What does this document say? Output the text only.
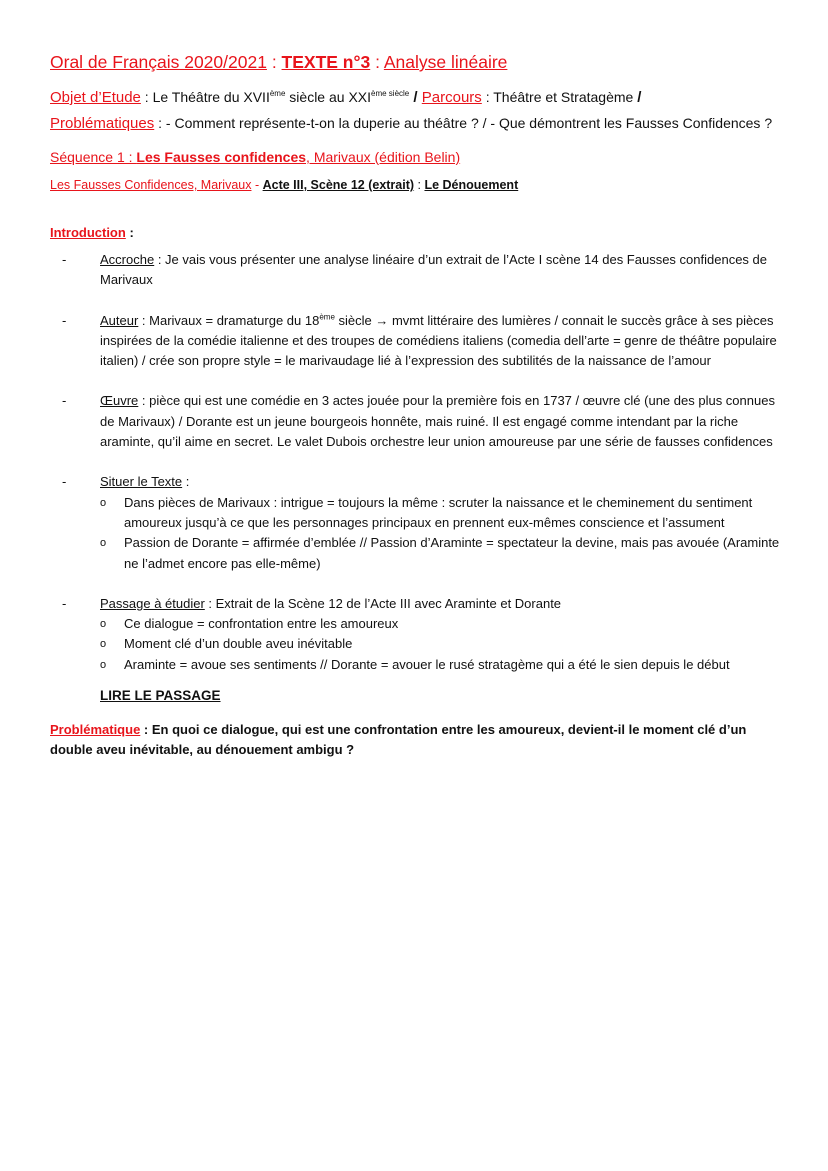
Oral de Français 2020/2021 : TEXTE n°3 : Analyse linéaire
Objet d’Etude : Le Théâtre du XVIIème siècle au $XXI^{ème siècle}$ / Parcours : Théâtre et Stratagème /
Problématiques : - Comment représente-t-on la duperie au théâtre ? / - Que démontrent les Fausses Confidences ?
Séquence 1 : Les Fausses confidences, Marivaux (édition Belin)
Les Fausses Confidences, Marivaux - Acte III, Scène 12 (extrait) : Le Dénouement
Introduction :
- Accroche : Je vais vous présenter une analyse linéaire d’un extrait de l’Acte I scène 14 des Fausses confidences de Marivaux
- Auteur : Marivaux = dramaturge du 18ème siècle → mvmt littéraire des lumières / connait le succès grâce à ses pièces inspirées de la comédie italienne et des troupes de comédiens italiens (comedia dell’arte = genre de théâtre populaire italien) / crée son propre style = le marivaudage lié à l’expression des subtilités de la naissance de l’amour
- Œuvre : pièce qui est une comédie en 3 actes jouée pour la première fois en 1737 / œuvre clé (une des plus connues de Marivaux) / Dorante est un jeune bourgeois honnête, mais ruiné. Il est engagé comme intendant par la riche araminte, qu’il aime en secret. Le valet Dubois orchestre leur union amoureuse par une série de fausses confidences
- Situer le Texte :
o Dans pièces de Marivaux : intrigue = toujours la même : scruter la naissance et le cheminement du sentiment amoureux jusqu’à ce que les personnages principaux en prennent eux-mêmes conscience et l’assument
o Passion de Dorante = affirmée d’emblée // Passion d’Araminte = spectateur la devine, mais pas avouée (Araminte ne l’admet encore pas elle-même)
- Passage à étudier : Extrait de la Scène 12 de l’Acte III avec Araminte et Dorante
o Ce dialogue = confrontation entre les amoureux
o Moment clé d’un double aveu inévitable
o Araminte = avoue ses sentiments // Dorante = avouer le rusé stratagème qui a été le sien depuis le début
LIRE LE PASSAGE
Problématique : En quoi ce dialogue, qui est une confrontation entre les amoureux, devient-il le moment clé d’un double aveu inévitable, au dénouement ambigu ?
